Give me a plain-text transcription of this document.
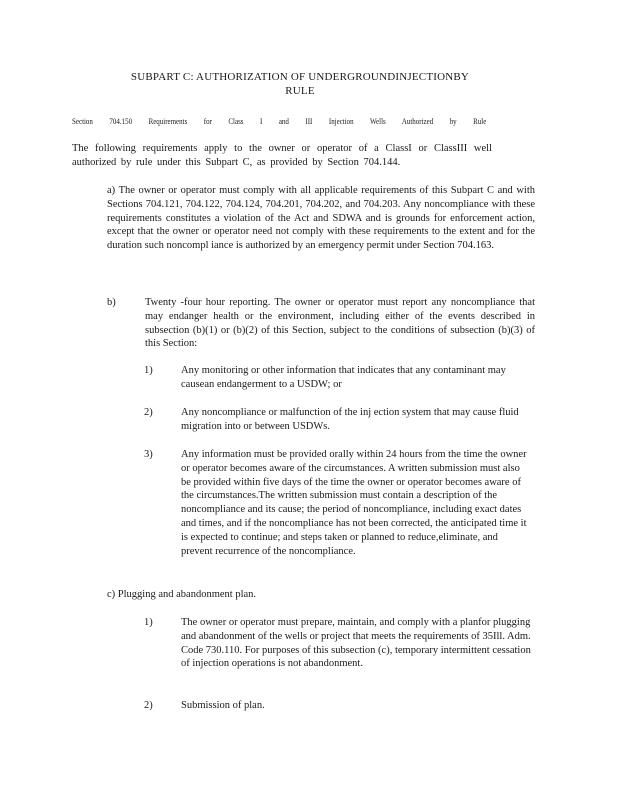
SUBPART C: AUTHORIZATION OF UNDERGROUNDINJECTIONBY
RULE
Section 704.150 Requirements for Class I and III Injection Wells Authorized by Rule
The following requirements apply to the owner or operator of a ClassI or ClassIII well authorized by rule under this Subpart C, as provided by Section 704.144.
a) The owner or operator must comply with all applicable requirements of this Subpart C and with Sections 704.121, 704.122, 704.124, 704.201, 704.202, and 704.203. Any noncompliance with these requirements constitutes a violation of the Act and SDWA and is grounds for enforcement action, except that the owner or operator need not comply with these requirements to the extent and for the duration such noncompl iance is authorized by an emergency permit under Section 704.163.
b)	Twenty -four hour reporting. The owner or operator must report any noncompliance that may endanger health or the environment, including either of the events described in subsection (b)(1) or (b)(2) of this Section, subject to the conditions of subsection (b)(3) of this Section:
1)	Any monitoring or other information that indicates that any contaminant may causean endangerment to a USDW; or
2)	Any noncompliance or malfunction of the inj ection system that may cause fluid migration into or between USDWs.
3)	Any information must be provided orally within 24 hours from the time the owner or operator becomes aware of the circumstances. A written submission must also be provided within five days of the time the owner or operator becomes aware of the circumstances.The written submission must contain a description of the noncompliance and its cause; the period of noncompliance, including exact dates and times, and if the noncompliance has not been corrected, the anticipated time it is expected to continue; and steps taken or planned to reduce,eliminate, and prevent recurrence of the noncompliance.
c) Plugging and abandonment plan.
1)	The owner or operator must prepare, maintain, and comply with a planfor plugging and abandonment of the wells or project that meets the requirements of 35Ill. Adm. Code 730.110. For purposes of this subsection (c), temporary intermittent cessation of injection operations is not abandonment.
2)	Submission of plan.
